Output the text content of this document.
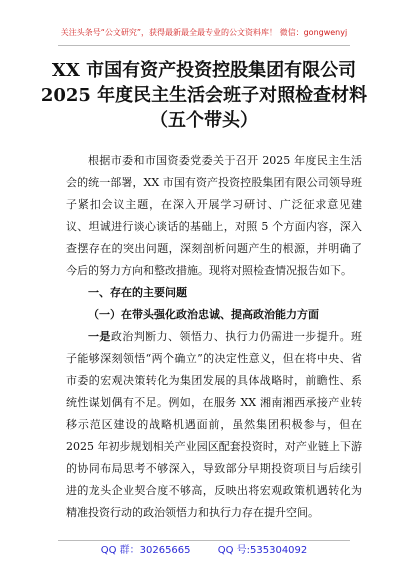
关注头条号“公文研究”，获得最新最全最专业的公文资料库！ 微信：gongwenyj
XX 市国有资产投资控股集团有限公司
2025 年度民主生活会班子对照检查材料
（五个带头）

根据市委和市国资委党委关于召开 2025 年度民主生活会的统一部署，XX 市国有资产投资控股集团有限公司领导班子紧扣会议主题，在深入开展学习研讨、广泛征求意见建议、坦诚进行谈心谈话的基础上，对照 5 个方面内容，深入查摆存在的突出问题，深刻剖析问题产生的根源，并明确了今后的努力方向和整改措施。现将对照检查情况报告如下。

一、存在的主要问题

（一）在带头强化政治忠诚、提高政治能力方面

一是政治判断力、领悟力、执行力仍需进一步提升。班子能够深刻领悟“两个确立”的决定性意义，但在将中央、省市委的宏观决策转化为集团发展的具体战略时，前瞻性、系统性谋划偶有不足。例如，在服务 XX 湘南湘西承接产业转移示范区建设的战略机遇面前，虽然集团积极参与，但在 2025 年初步规划相关产业园区配套投资时，对产业链上下游的协同布局思考不够深入，导致部分早期投资项目与后续引进的龙头企业契合度不够高，反映出将宏观政策机遇转化为精准投资行动的政治领悟力和执行力存在提升空间。

QQ 群：30265665	QQ 号:535304092
